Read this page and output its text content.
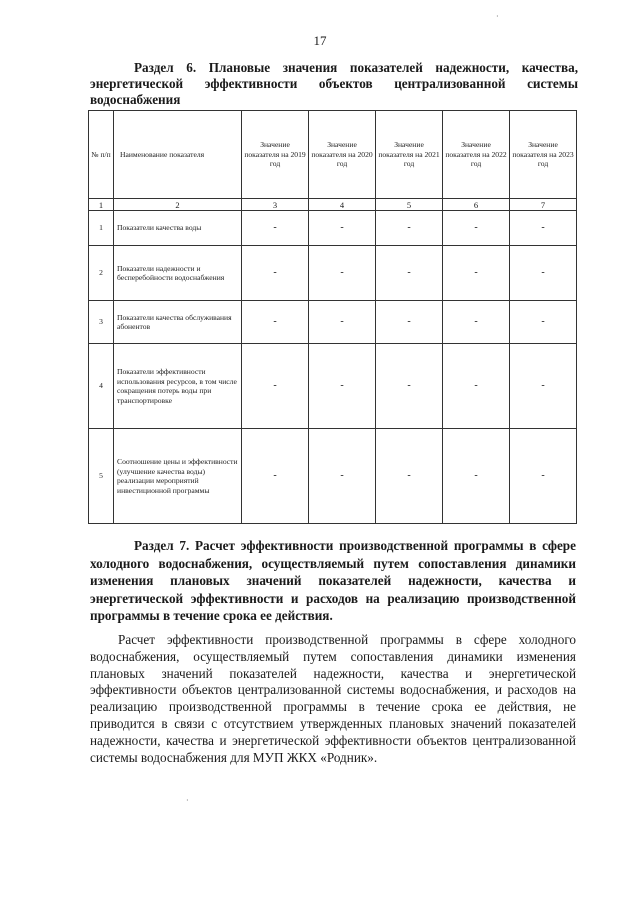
17

Раздел 6. Плановые значения показателей надежности, качества, энергетической эффективности объектов централизованной системы водоснабжения

№ п/п	Наименование показателя	Значение показателя на 2019 год	Значение показателя на 2020 год	Значение показателя на 2021 год	Значение показателя на 2022 год	Значение показателя на 2023 год
1	2	3	4	5	6	7
1	Показатели качества воды	-	-	-	-	-
2	Показатели надежности и бесперебойности водоснабжения	-	-	-	-	-
3	Показатели качества обслуживания абонентов	-	-	-	-	-
4	Показатели эффективности использования ресурсов, в том числе сокращения потерь воды при транспортировке	-	-	-	-	-
5	Соотношение цены и эффективности (улучшение качества воды) реализации мероприятий инвестиционной программы	-	-	-	-	-

Раздел 7. Расчет эффективности производственной программы в сфере холодного водоснабжения, осуществляемый путем сопоставления динамики изменения плановых значений показателей надежности, качества и энергетической эффективности и расходов на реализацию производственной программы в течение срока ее действия.

Расчет эффективности производственной программы в сфере холодного водоснабжения, осуществляемый путем сопоставления динамики изменения плановых значений показателей надежности, качества и энергетической эффективности объектов централизованной системы водоснабжения, и расходов на реализацию производственной программы в течение срока ее действия, не приводится в связи с отсутствием утвержденных плановых значений показателей надежности, качества и энергетической эффективности объектов централизованной системы водоснабжения для МУП ЖКХ «Родник».

·
·
